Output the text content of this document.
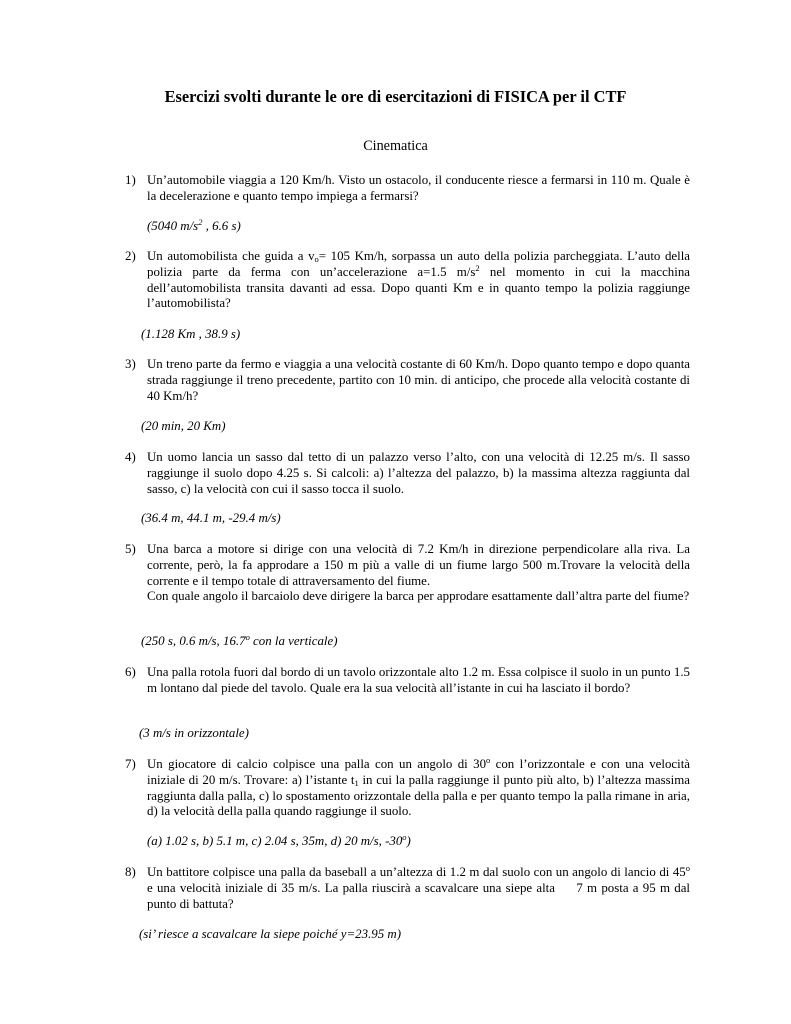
Esercizi svolti durante le ore di esercitazioni di FISICA per il CTF
Cinematica
1) Un’automobile viaggia a 120 Km/h. Visto un ostacolo, il conducente riesce a fermarsi in 110 m. Quale è la decelerazione e quanto tempo impiega a fermarsi?
(5040 $m/s^2$ , 6.6 s)
2) Un automobilista che guida a $v_o= 105$ Km/h, sorpassa un auto della polizia parcheggiata. L’auto della polizia parte da ferma con un’accelerazione a=1.5 $m/s^2$ nel momento in cui la macchina dell’automobilista transita davanti ad essa. Dopo quanti Km e in quanto tempo la polizia raggiunge l’automobilista?
(1.128 Km , 38.9 s)
3) Un treno parte da fermo e viaggia a una velocità costante di 60 Km/h. Dopo quanto tempo e dopo quanta strada raggiunge il treno precedente, partito con 10 min. di anticipo, che procede alla velocità costante di 40 Km/h?
(20 min, 20 Km)
4) Un uomo lancia un sasso dal tetto di un palazzo verso l’alto, con una velocità di 12.25 m/s. Il sasso raggiunge il suolo dopo 4.25 s. Si calcoli: a) l’altezza del palazzo, b) la massima altezza raggiunta dal sasso, c) la velocità con cui il sasso tocca il suolo.
(36.4 m, 44.1 m, -29.4 m/s)
5) Una barca a motore si dirige con una velocità di 7.2 Km/h in direzione perpendicolare alla riva. La corrente, però, la fa approdare a 150 m più a valle di un fiume largo 500 m.Trovare la velocità della corrente e il tempo totale di attraversamento del fiume.
Con quale angolo il barcaiolo deve dirigere la barca per approdare esattamente dall’altra parte del fiume?
(250 s, 0.6 m/s, 16.7$^o$ con la verticale)
6) Una palla rotola fuori dal bordo di un tavolo orizzontale alto 1.2 m. Essa colpisce il suolo in un punto 1.5 m lontano dal piede del tavolo. Quale era la sua velocità all’istante in cui ha lasciato il bordo?
(3 m/s in orizzontale)
7) Un giocatore di calcio colpisce una palla con un angolo di 30$^o$ con l’orizzontale e con una velocità iniziale di 20 m/s. Trovare: a) l’istante $t_1$ in cui la palla raggiunge il punto più alto, b) l’altezza massima raggiunta dalla palla, c) lo spostamento orizzontale della palla e per quanto tempo la palla rimane in aria, d) la velocità della palla quando raggiunge il suolo.
(a) 1.02 s, b) 5.1 m, c) 2.04 s, 35m, d) 20 m/s, -30$^o$)
8) Un battitore colpisce una palla da baseball a un’altezza di 1.2 m dal suolo con un angolo di lancio di 45$^o$ e una velocità iniziale di 35 m/s. La palla riuscirà a scavalcare una siepe alta     7 m posta a 95 m dal punto di battuta?
(si’ riesce a scavalcare la siepe poiché y=23.95 m)
